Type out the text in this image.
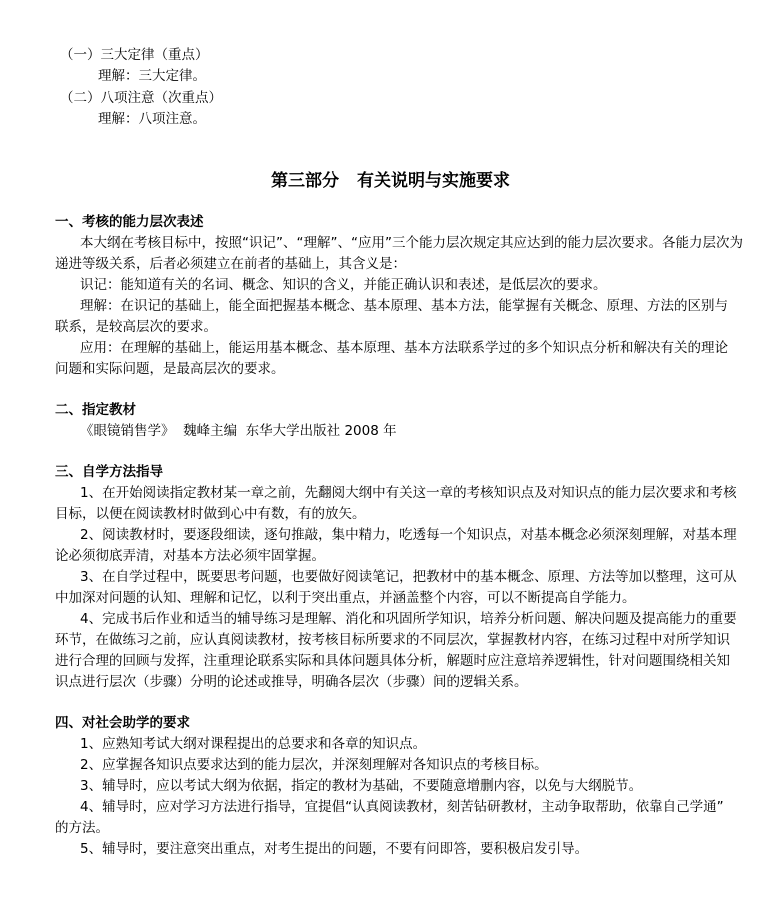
（一）三大定律（重点）
理解：三大定律。
（二）八项注意（次重点）
理解：八项注意。
第三部分 有关说明与实施要求
一、考核的能力层次表述
本大纲在考核目标中，按照“识记”、“理解”、“应用”三个能力层次规定其应达到的能力层次要求。各能力层次为
递进等级关系，后者必须建立在前者的基础上，其含义是：
识记：能知道有关的名词、概念、知识的含义，并能正确认识和表述，是低层次的要求。
理解：在识记的基础上，能全面把握基本概念、基本原理、基本方法，能掌握有关概念、原理、方法的区别与
联系，是较高层次的要求。
应用：在理解的基础上，能运用基本概念、基本原理、基本方法联系学过的多个知识点分析和解决有关的理论
问题和实际问题，是最高层次的要求。
二、指定教材
《眼镜销售学》  魏峰主编  东华大学出版社 2008 年
三、自学方法指导
1、在开始阅读指定教材某一章之前，先翻阅大纲中有关这一章的考核知识点及对知识点的能力层次要求和考核
目标，以便在阅读教材时做到心中有数，有的放矢。
2、阅读教材时，要逐段细读，逐句推敲，集中精力，吃透每一个知识点，对基本概念必须深刻理解，对基本理
论必须彻底弄清，对基本方法必须牢固掌握。
3、在自学过程中，既要思考问题，也要做好阅读笔记，把教材中的基本概念、原理、方法等加以整理，这可从
中加深对问题的认知、理解和记忆，以利于突出重点，并涵盖整个内容，可以不断提高自学能力。
4、完成书后作业和适当的辅导练习是理解、消化和巩固所学知识，培养分析问题、解决问题及提高能力的重要
环节，在做练习之前，应认真阅读教材，按考核目标所要求的不同层次，掌握教材内容，在练习过程中对所学知识
进行合理的回顾与发挥，注重理论联系实际和具体问题具体分析，解题时应注意培养逻辑性，针对问题围绕相关知
识点进行层次（步骤）分明的论述或推导，明确各层次（步骤）间的逻辑关系。
四、对社会助学的要求
1、应熟知考试大纲对课程提出的总要求和各章的知识点。
2、应掌握各知识点要求达到的能力层次，并深刻理解对各知识点的考核目标。
3、辅导时，应以考试大纲为依据，指定的教材为基础，不要随意增删内容，以免与大纲脱节。
4、辅导时，应对学习方法进行指导，宜提倡“认真阅读教材，刻苦钻研教材，主动争取帮助，依靠自己学通”
的方法。
5、辅导时，要注意突出重点，对考生提出的问题，不要有问即答，要积极启发引导。
